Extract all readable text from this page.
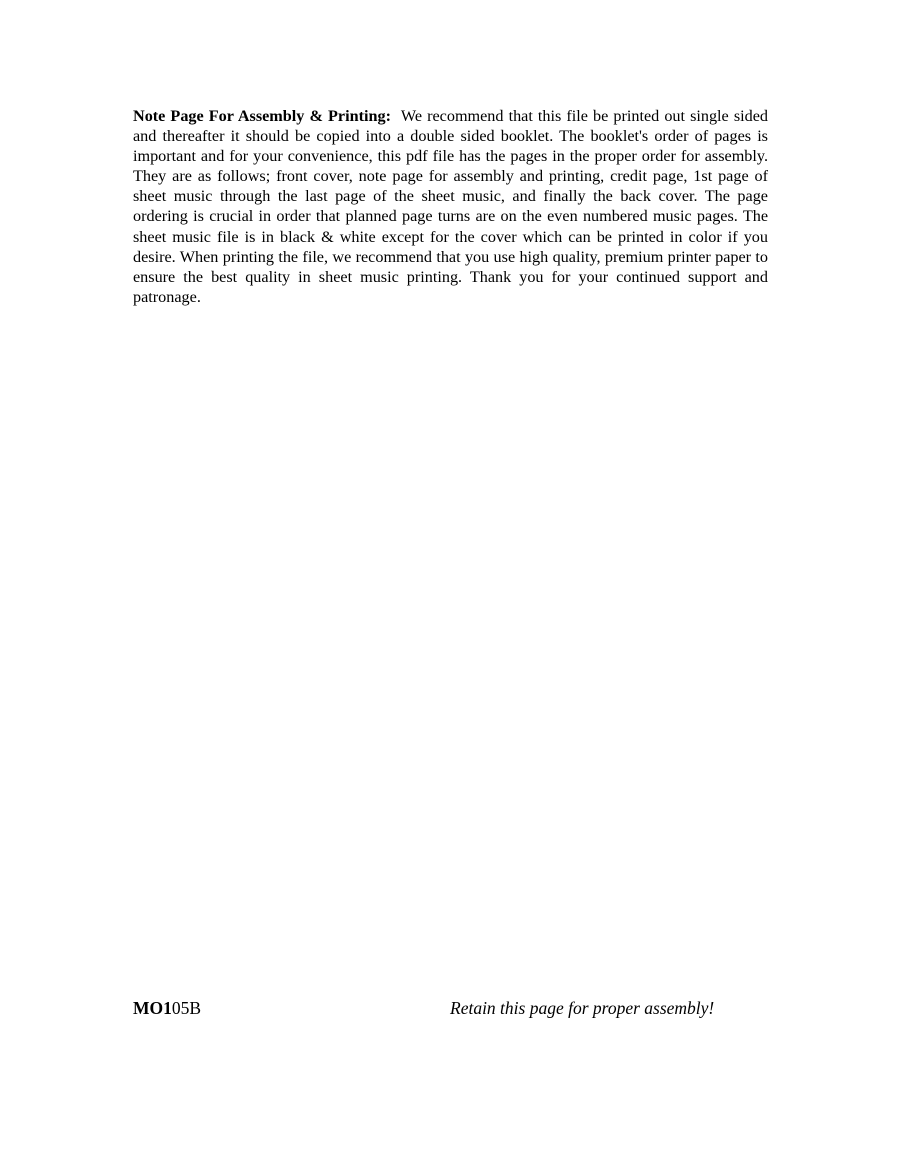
Note Page For Assembly & Printing: We recommend that this file be printed out single sided and thereafter it should be copied into a double sided booklet. The booklet's order of pages is important and for your convenience, this pdf file has the pages in the proper order for assembly. They are as follows; front cover, note page for assembly and printing, credit page, 1st page of sheet music through the last page of the sheet music, and finally the back cover. The page ordering is crucial in order that planned page turns are on the even numbered music pages. The sheet music file is in black & white except for the cover which can be printed in color if you desire. When printing the file, we recommend that you use high quality, premium printer paper to ensure the best quality in sheet music printing. Thank you for your continued support and patronage.

MO105B	Retain this page for proper assembly!
